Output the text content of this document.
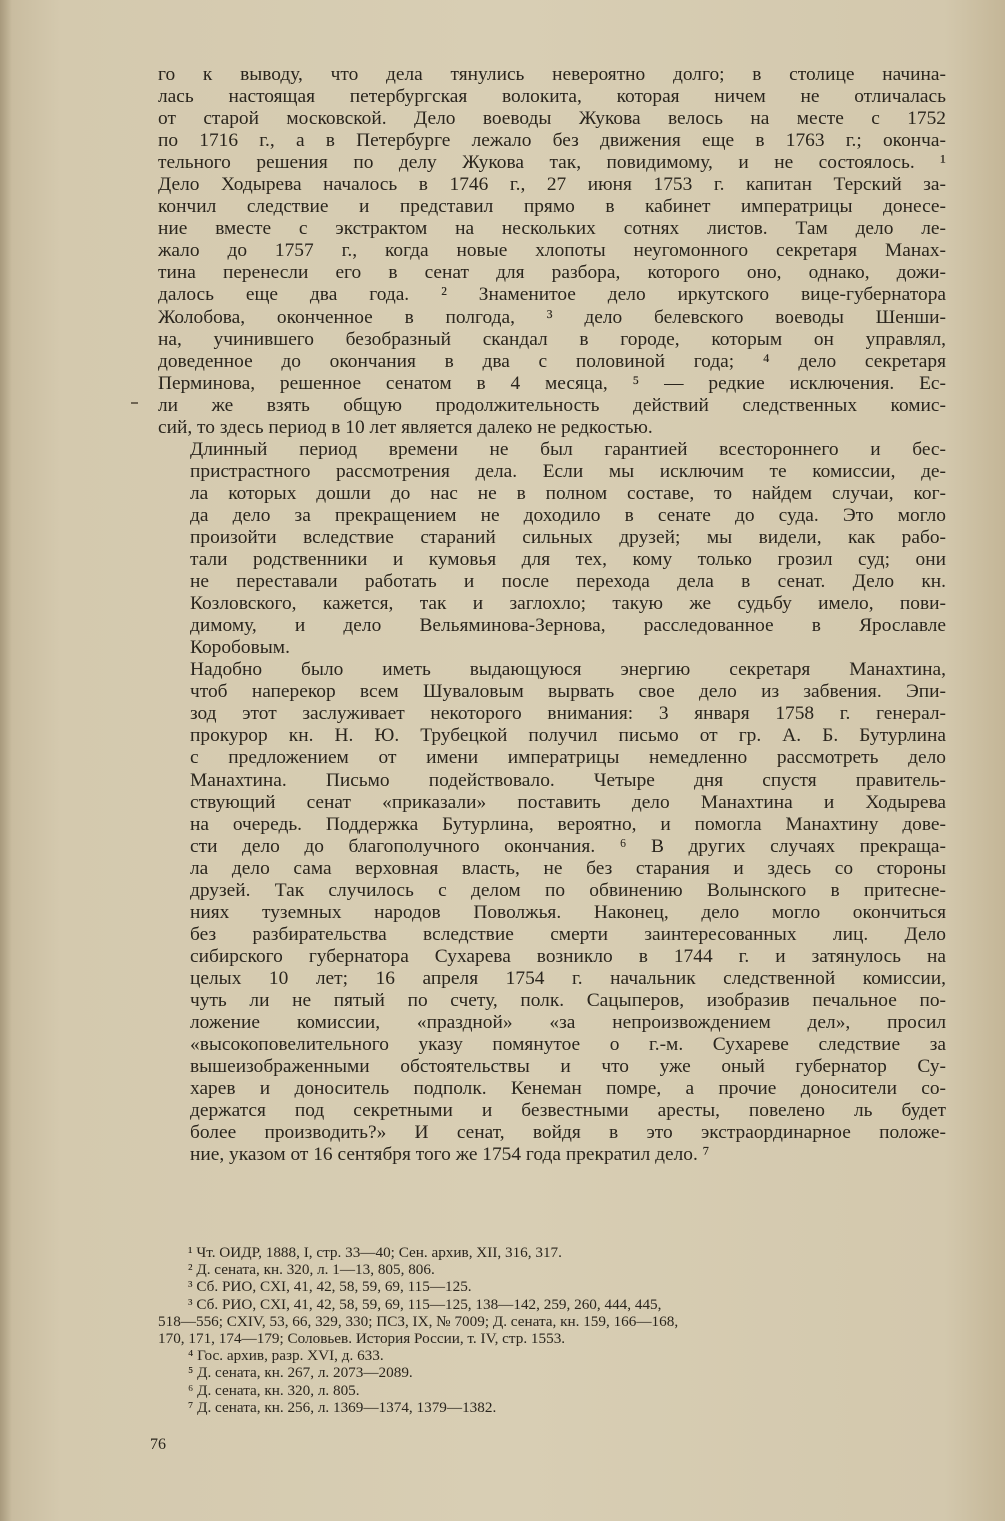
го к выводу, что дела тянулись невероятно долго; в столице начина-
лась настоящая петербургская волокита, которая ничем не отличалась
от старой московской. Дело воеводы Жукова велось на месте с 1752
по 1716 г., а в Петербурге лежало без движения еще в 1763 г.; оконча-
тельного решения по делу Жукова так, повидимому, и не состоялось. ¹
Дело Ходырева началось в 1746 г., 27 июня 1753 г. капитан Терский за-
кончил следствие и представил прямо в кабинет императрицы донесе-
ние вместе с экстрактом на нескольких сотнях листов. Там дело ле-
жало до 1757 г., когда новые хлопоты неугомонного секретаря Манах-
тина перенесли его в сенат для разбора, которого оно, однако, дожи-
далось еще два года. ² Знаменитое дело иркутского вице-губернатора
Жолобова, оконченное в полгода, ³ дело белевского воеводы Шенши-
на, учинившего безобразный скандал в городе, которым он управлял,
доведенное до окончания в два с половиной года; ⁴ дело секретаря
Перминова, решенное сенатом в 4 месяца, ⁵ — редкие исключения. Ес-
ли же взять общую продолжительность действий следственных комис-
сий, то здесь период в 10 лет является далеко не редкостью.
Длинный период времени не был гарантией всестороннего и бес-
пристрастного рассмотрения дела. Если мы исключим те комиссии, де-
ла которых дошли до нас не в полном составе, то найдем случаи, ког-
да дело за прекращением не доходило в сенате до суда. Это могло
произойти вследствие стараний сильных друзей; мы видели, как рабо-
тали родственники и кумовья для тех, кому только грозил суд; они
не переставали работать и после перехода дела в сенат. Дело кн.
Козловского, кажется, так и заглохло; такую же судьбу имело, пови-
димому, и дело Вельяминова-Зернова, расследованное в Ярославле
Коробовым.
Надобно было иметь выдающуюся энергию секретаря Манахтина,
чтоб наперекор всем Шуваловым вырвать свое дело из забвения. Эпи-
зод этот заслуживает некоторого внимания: 3 января 1758 г. генерал-
прокурор кн. Н. Ю. Трубецкой получил письмо от гр. А. Б. Бутурлина
с предложением от имени императрицы немедленно рассмотреть дело
Манахтина. Письмо подействовало. Четыре дня спустя правитель-
ствующий сенат «приказали» поставить дело Манахтина и Ходырева
на очередь. Поддержка Бутурлина, вероятно, и помогла Манахтину дове-
сти дело до благополучного окончания. ⁶ В других случаях прекраща-
ла дело сама верховная власть, не без старания и здесь со стороны
друзей. Так случилось с делом по обвинению Волынского в притесне-
ниях туземных народов Поволжья. Наконец, дело могло окончиться
без разбирательства вследствие смерти заинтересованных лиц. Дело
сибирского губернатора Сухарева возникло в 1744 г. и затянулось на
целых 10 лет; 16 апреля 1754 г. начальник следственной комиссии,
чуть ли не пятый по счету, полк. Сацыперов, изобразив печальное по-
ложение комиссии, «праздной» «за непроизвождением дел», просил
«высокоповелительного указу помянутое о г.-м. Сухареве следствие за
вышеизображенными обстоятельствы и что уже оный губернатор Су-
харев и доноситель подполк. Кенеман помре, а прочие доносители со-
держатся под секретными и безвестными аресты, повелено ль будет
более производить?» И сенат, войдя в это экстраординарное положе-
ние, указом от 16 сентября того же 1754 года прекратил дело. ⁷
¹ Чт. ОИДР, 1888, I, стр. 33—40; Сен. архив, XII, 316, 317.
² Д. сената, кн. 320, л. 1—13, 805, 806.
³ Сб. РИО, CXI, 41, 42, 58, 59, 69, 115—125.
³ Сб. РИО, CXI, 41, 42, 58, 59, 69, 115—125, 138—142, 259, 260, 444, 445,
518—556; CXIV, 53, 66, 329, 330; ПСЗ, IX, № 7009; Д. сената, кн. 159, 166—168,
170, 171, 174—179; Соловьев. История России, т. IV, стр. 1553.
⁴ Гос. архив, разр. XVI, д. 633.
⁵ Д. сената, кн. 267, л. 2073—2089.
⁶ Д. сената, кн. 320, л. 805.
⁷ Д. сената, кн. 256, л. 1369—1374, 1379—1382.
76
